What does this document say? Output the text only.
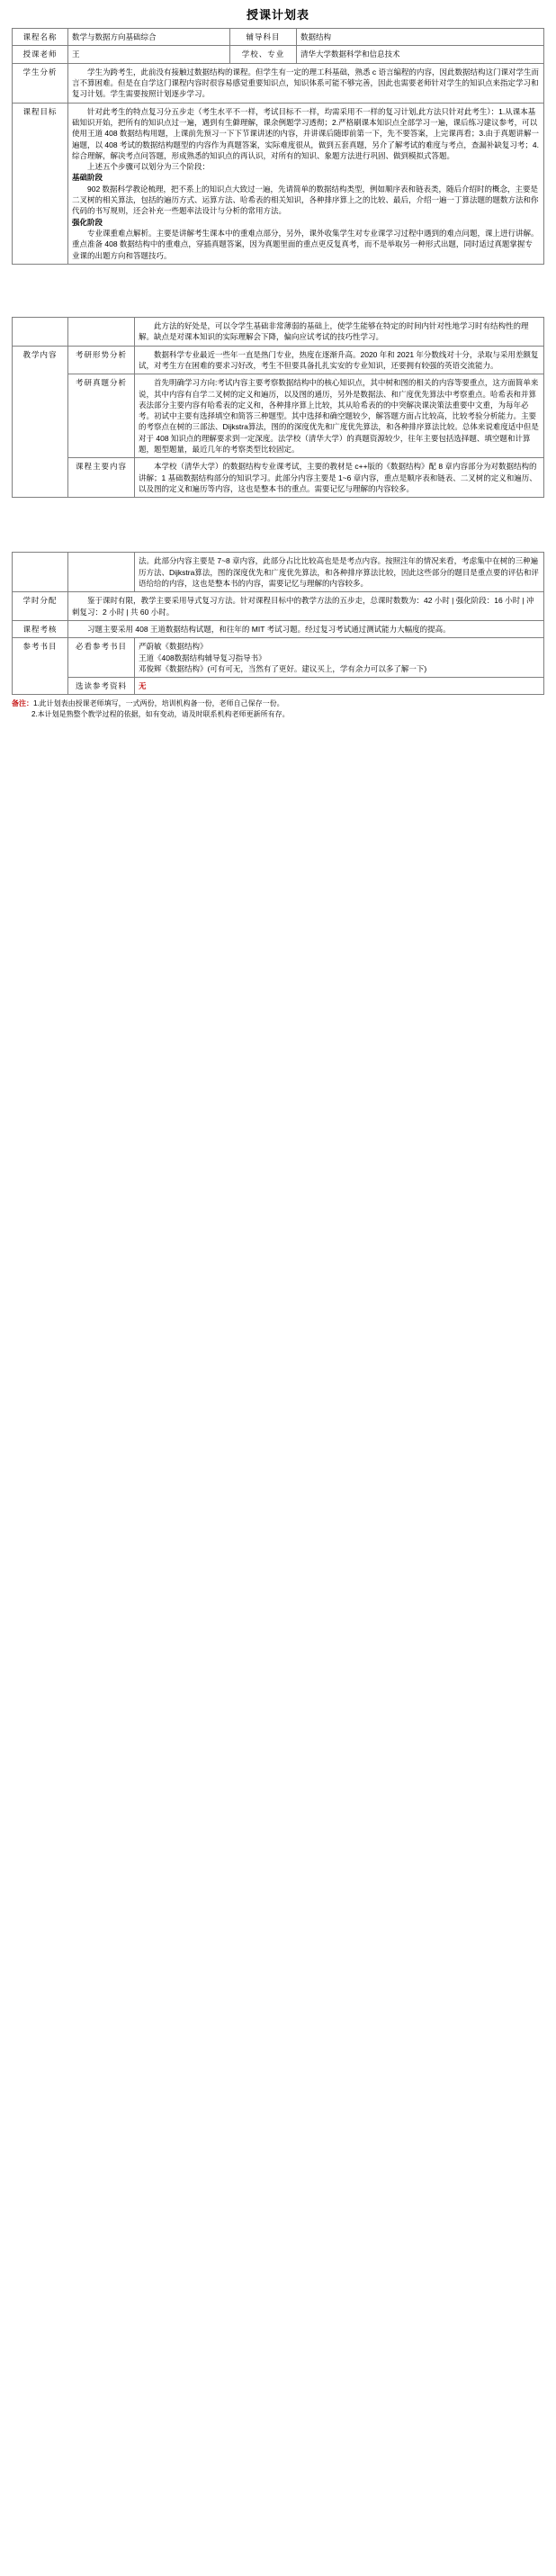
授课计划表
课程名称	数学与数据方向基础综合	辅导科目	数据结构
授课老师	王	学校、专业	清华大学数据科学和信息技术
学生分析	学生为跨考生，此前没有接触过数据结构的课程。但学生有一定的理工科基础，熟悉 c 语言编程的内容，因此数据结构这门课对学生而言不算困难。但是在自学这门课程内容时很容易感觉重要知识点，知识体系可能不够完善，因此也需要老师针对学生的知识点来指定学习和复习计划。学生需要按照计划逐步学习。		

课程目标	针对此考生的特点复习分五步走（考生水平不一样，考试目标不一样，均需采用不一样的复习计划,此方法只针对此考生）：1.从课本基础知识开始，把所有的知识点过一遍，遇到有生僻理解，课余例题学习透彻；2.严格刷课本知识点全部学习一遍，课后练习建议参考，可以使用王道 408 数据结构用题，上课前先预习一下下节课讲述的内容，并讲课后随即前第一下，先不要答案，上完课再看；3.由于真题讲解一遍题，以 408 考试的数据结构题型的内容作为真题答案，实际难度很从，做到五套真题，另介了解考试的难度与考点，查漏补缺复习考；4.综合理解，解决考点问答题，形成熟悉的知识点的再认识，对所有的知识、象题方法进行巩固、做到模拟式答题。

上述五个步骤可以划分为三个阶段：

基础阶段

902 数据科学教论梳理，把不系上的知识点大致过一遍，先请简单的数据结构类型，例如顺序表和链表类，随后介绍时的概念，主要是二叉树的相关算法，包括的遍历方式、运算方法、哈希表的相关知识，各种排序算上之的比较、最后，介绍一遍一丁算法题的题数方法和你代码的书写规则，还会补充一些题率法设计与分析的常用方法。

强化阶段

专业课重难点解析。主要是讲解考生课本中的重难点部分，另外，课外收集学生对专业课学习过程中遇到的难点问题，课上进行讲解。重点准备 408 数据结构中的重难点，穿插真题答案，因为真题里面的重点更反复真考，而不是举取另一种形式出题，同时适过真题掌握专业课的出题方向和答题技巧。

		此方法的好处是，可以令学生基础非常薄弱的基础上，使学生能够在特定的时间内针对性地学习时有结构性的理解。缺点是对课本知识的实际理解会下降，偏向应试考试的技巧性学习。

教学内容	考研形势分析	数据科学专业最近一些年一直是热门专业，热度在逐渐升高。2020 年和 2021 年分数线对十分，录取与采用差额复试，对考生方在困难的要求习好改，考生不但要具备扎扎实安的专业知识，还要拥有较强的英语交流能力。

	考研真题分析	首先明确学习方向:考试内容主要考察数据结构中的核心知识点，其中树和图的相关的内容等要重点，这方面简单来说，其中内容有自学二叉树的定义和遍历，以及图的通历，另外是数据法、和广度优先算法中考察重点。哈希表和并算表法部分主要内容有哈希表的定义和，各种排序算上比较，其从哈希表的的中突解决课决策法重要中文重，为每年必考。初试中主要有选择填空和简答三种题型。其中选择和确空题较少，解答题方面占比较高，比较考验分析能力。主要的考察点在树的三部法、Dijkstra算法，图的的深度优先和广度优先算法，和各种排序算法比较。总体来说难度适中但是对于 408 知识点的理解要求到一定深度。法学校（清华大学）的真题资源较少，往年主要包括选择题、填空题和计算题，题型题量，最近几年的考察类型比较固定。

	课程主要内容	本学校（清华大学）的数据结构专业课考试，主要的教材是 c++版的《数据结构》配 8 章内容部分为对数据结构的讲解；1 基础数据结构部分的知识学习。此部分内容主要是 1~6 章内容，重点是顺序表和链表、二叉树的定义和遍历、以及图的定义和遍历等内容，这也是整本书的重点。需要记忆与理解的内容较多。

		法。此部分内容主要是 7~8 章内容，此部分占比比较高也是是考点内容。按照注年的情况来看，考虑集中在树的三种遍历方法、Dijkstra算法，图的深度优先和广度优先算法，和各种排序算法比较，因此这些部分的题目是重点要的评估和评语给给的内容，这也是整本书的内容，需要记忆与理解的内容较多。

学时分配	鉴于课时有限，教学主要采用导式复习方法。针对课程目标中的教学方法的五步走，总课时数数为：42 小时 | 强化阶段：16 小时 | 冲刺复习：2 小时 | 共 60 小时。	

课程考核	习题主要采用 408 王道数据结构试题，和往年的 MIT 考试习题。经过复习考试通过测试能力大幅度的提高。	

参考书目	必看参考书目	严蔚敏《数据结构》

王道《408数据结构辅导复习指导书》

邓俊辉《数据结构》(可有可无，当然有了更好。建议买上，学有余力可以多了解一下)

	选读参考资料	无

备注：1.此计划表由授课老师填写，一式两份，培训机构备一份，老师自己保存一份。
2.本计划是熟整个教学过程的依据，如有变动，请及时联系机构老师更新所有存。
